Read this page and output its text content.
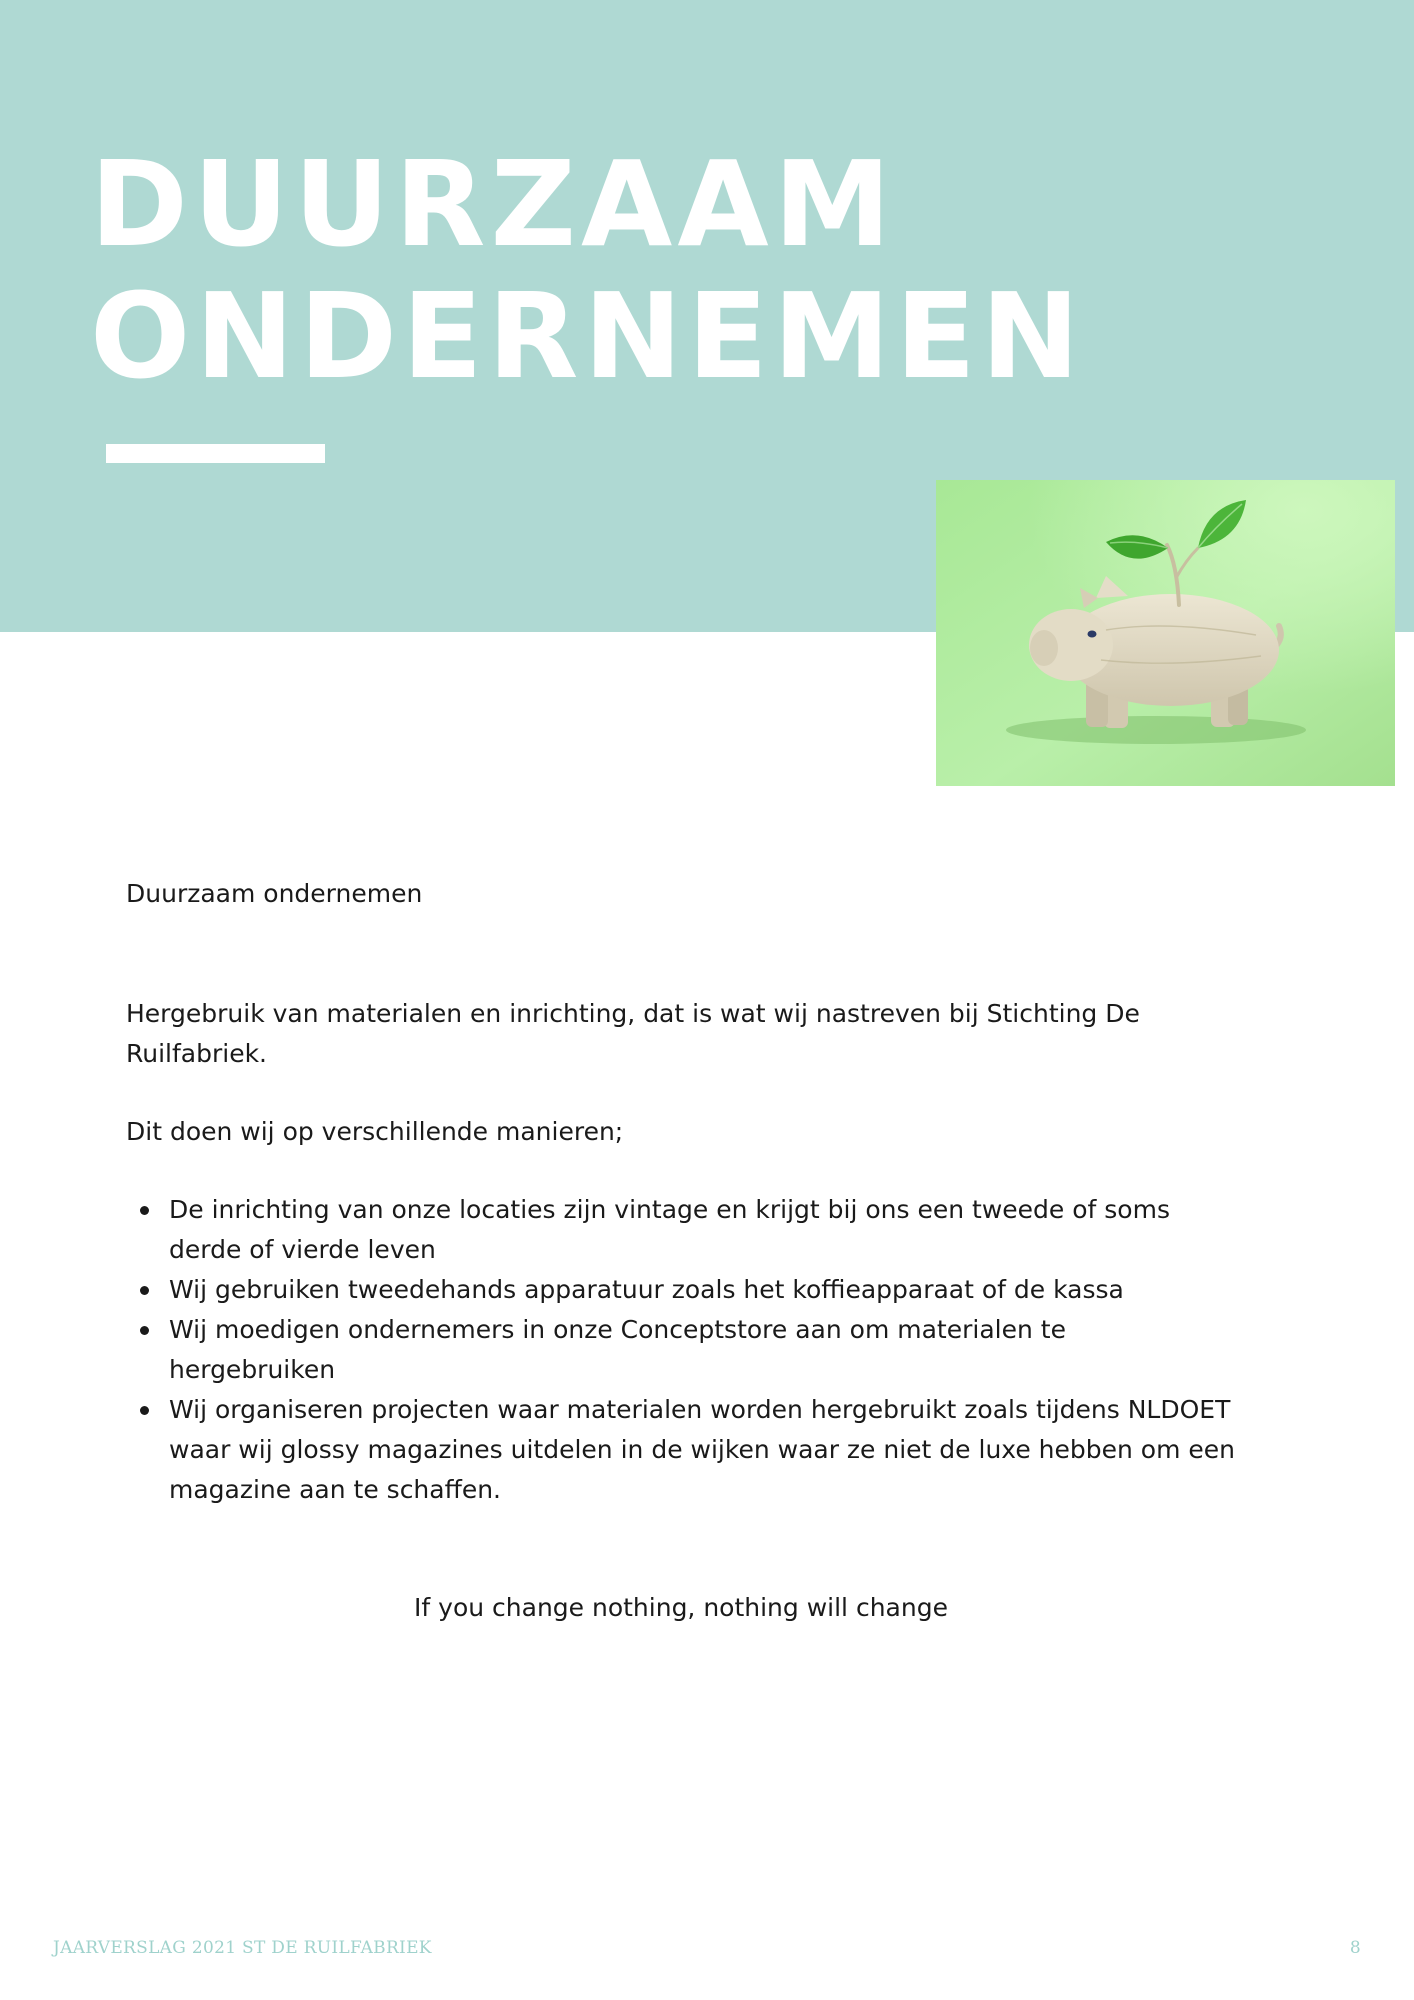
DUURZAAM
ONDERNEMEN

Duurzaam ondernemen

Hergebruik van materialen en inrichting, dat is wat wij nastreven bij Stichting De Ruilfabriek.

Dit doen wij op verschillende manieren;

De inrichting van onze locaties zijn vintage en krijgt bij ons een tweede of soms derde of vierde leven
Wij gebruiken tweedehands apparatuur zoals het koffieapparaat of de kassa
Wij moedigen ondernemers in onze Conceptstore aan om materialen te hergebruiken
Wij organiseren projecten waar materialen worden hergebruikt zoals tijdens NLDOET waar wij glossy magazines uitdelen in de wijken waar ze niet de luxe hebben om een magazine aan te schaffen.

If you change nothing, nothing will change

JAARVERSLAG 2021 ST DE RUILFABRIEK	8
